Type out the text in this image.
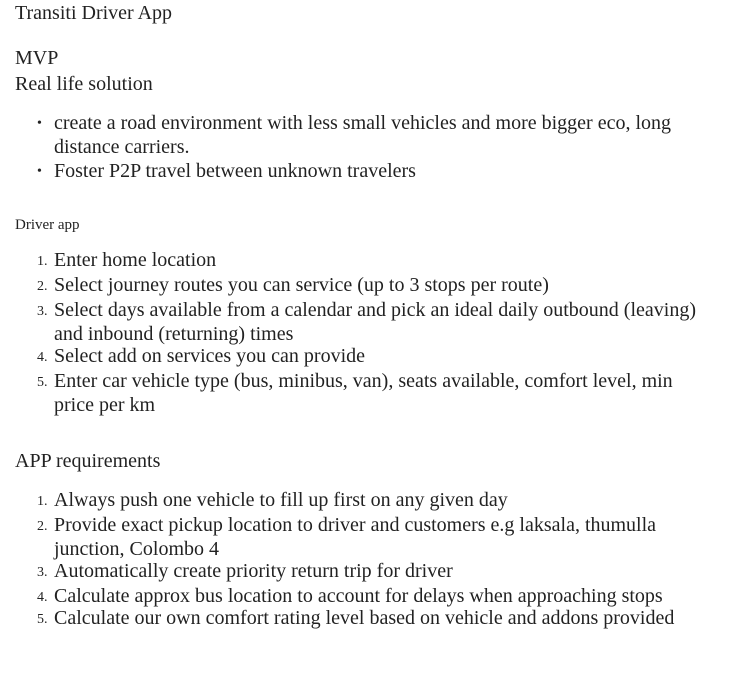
Transiti Driver App
MVP
Real life solution
• create a road environment with less small vehicles and more bigger eco, long distance carriers.
• Foster P2P travel between unknown travelers
Driver app
1. Enter home location
2. Select journey routes you can service (up to 3 stops per route)
3. Select days available from a calendar and pick an ideal daily outbound (leaving) and inbound (returning) times
4. Select add on services you can provide
5. Enter car vehicle type (bus, minibus, van), seats available, comfort level, min price per km
APP requirements
1. Always push one vehicle to fill up first on any given day
2. Provide exact pickup location to driver and customers e.g laksala, thumulla junction, Colombo 4
3. Automatically create priority return trip for driver
4. Calculate approx bus location to account for delays when approaching stops
5. Calculate our own comfort rating level based on vehicle and addons provided
